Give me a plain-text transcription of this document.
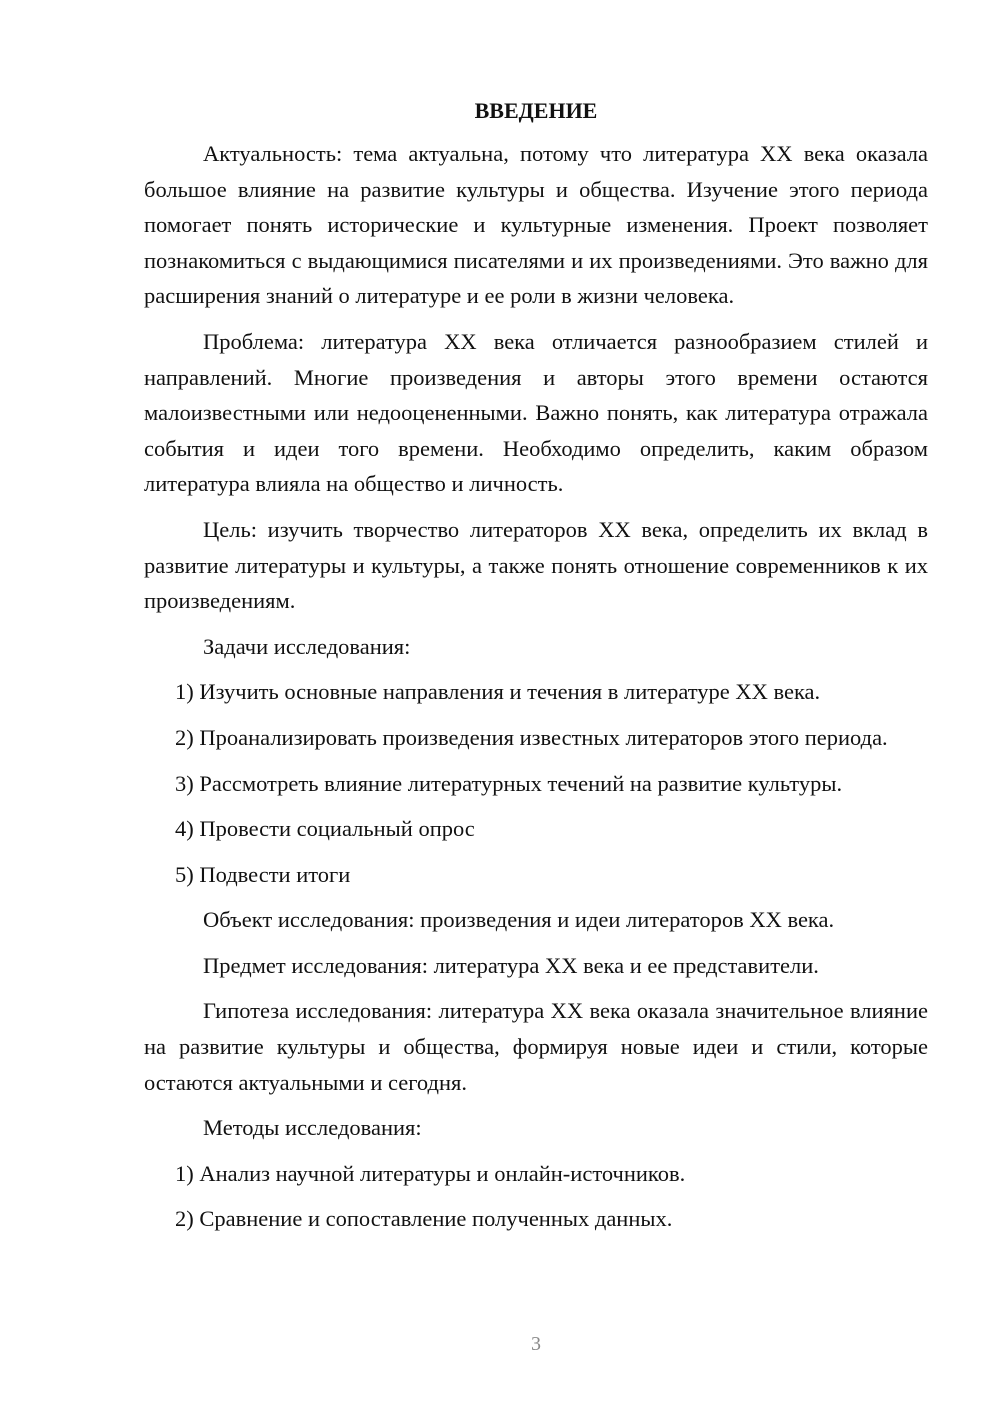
ВВЕДЕНИЕ

Актуальность: тема актуальна, потому что литература XX века оказала большое влияние на развитие культуры и общества. Изучение этого периода помогает понять исторические и культурные изменения. Проект позволяет познакомиться с выдающимися писателями и их произведениями. Это важно для расширения знаний о литературе и ее роли в жизни человека.

Проблема: литература XX века отличается разнообразием стилей и направлений. Многие произведения и авторы этого времени остаются малоизвестными или недооцененными. Важно понять, как литература отражала события и идеи того времени. Необходимо определить, каким образом литература влияла на общество и личность.

Цель: изучить творчество литераторов XX века, определить их вклад в развитие литературы и культуры, а также понять отношение современников к их произведениям.

Задачи исследования:

1) Изучить основные направления и течения в литературе XX века.

2) Проанализировать произведения известных литераторов этого периода.

3) Рассмотреть влияние литературных течений на развитие культуры.

4) Провести социальный опрос

5) Подвести итоги

Объект исследования: произведения и идеи литераторов XX века.

Предмет исследования: литература XX века и ее представители.

Гипотеза исследования: литература XX века оказала значительное влияние на развитие культуры и общества, формируя новые идеи и стили, которые остаются актуальными и сегодня.

Методы исследования:

1) Анализ научной литературы и онлайн-источников.

2) Сравнение и сопоставление полученных данных.

3
